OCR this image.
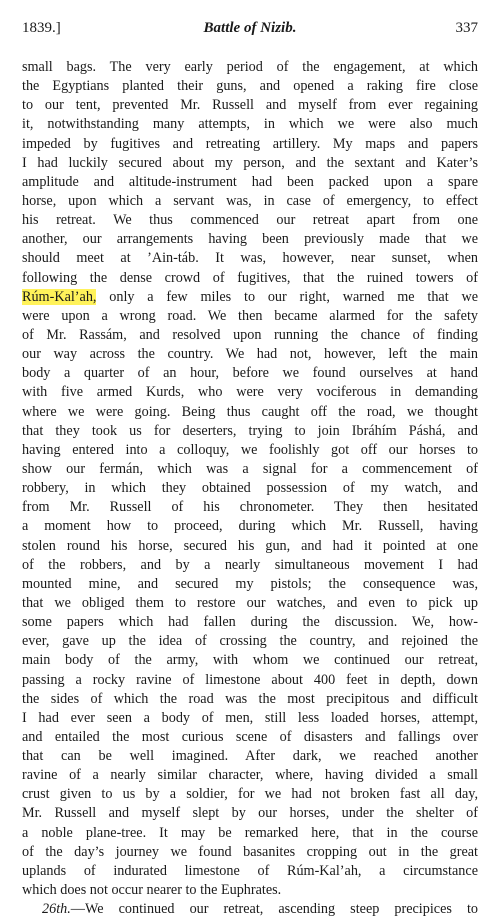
1839.]	Battle of Nizib.	337
small bags. The very early period of the engagement, at which
the Egyptians planted their guns, and opened a raking fire close
to our tent, prevented Mr. Russell and myself from ever regaining
it, notwithstanding many attempts, in which we were also much
impeded by fugitives and retreating artillery. My maps and papers
I had luckily secured about my person, and the sextant and Kater’s
amplitude and altitude-instrument had been packed upon a spare
horse, upon which a servant was, in case of emergency, to effect
his retreat. We thus commenced our retreat apart from one
another, our arrangements having been previously made that we
should meet at ’Ain-táb. It was, however, near sunset, when
following the dense crowd of fugitives, that the ruined towers of
Rúm-Kal’ah, only a few miles to our right, warned me that we
were upon a wrong road. We then became alarmed for the safety
of Mr. Rassám, and resolved upon running the chance of finding
our way across the country. We had not, however, left the main
body a quarter of an hour, before we found ourselves at hand
with five armed Kurds, who were very vociferous in demanding
where we were going. Being thus caught off the road, we thought
that they took us for deserters, trying to join Ibráhím Páshá, and
having entered into a colloquy, we foolishly got off our horses to
show our fermán, which was a signal for a commencement of
robbery, in which they obtained possession of my watch, and
from Mr. Russell of his chronometer. They then hesitated
a moment how to proceed, during which Mr. Russell, having
stolen round his horse, secured his gun, and had it pointed at one
of the robbers, and by a nearly simultaneous movement I had
mounted mine, and secured my pistols; the consequence was,
that we obliged them to restore our watches, and even to pick up
some papers which had fallen during the discussion. We, how-
ever, gave up the idea of crossing the country, and rejoined the
main body of the army, with whom we continued our retreat,
passing a rocky ravine of limestone about 400 feet in depth, down
the sides of which the road was the most precipitous and difficult
I had ever seen a body of men, still less loaded horses, attempt,
and entailed the most curious scene of disasters and fallings over
that can be well imagined. After dark, we reached another
ravine of a nearly similar character, where, having divided a small
crust given to us by a soldier, for we had not broken fast all day,
Mr. Russell and myself slept by our horses, under the shelter of
a noble plane-tree. It may be remarked here, that in the course
of the day’s journey we found basanites cropping out in the great
uplands of indurated limestone of Rúm-Kal’ah, a circumstance
which does not occur nearer to the Euphrates.
26th.—We continued our retreat, ascending steep precipices to
